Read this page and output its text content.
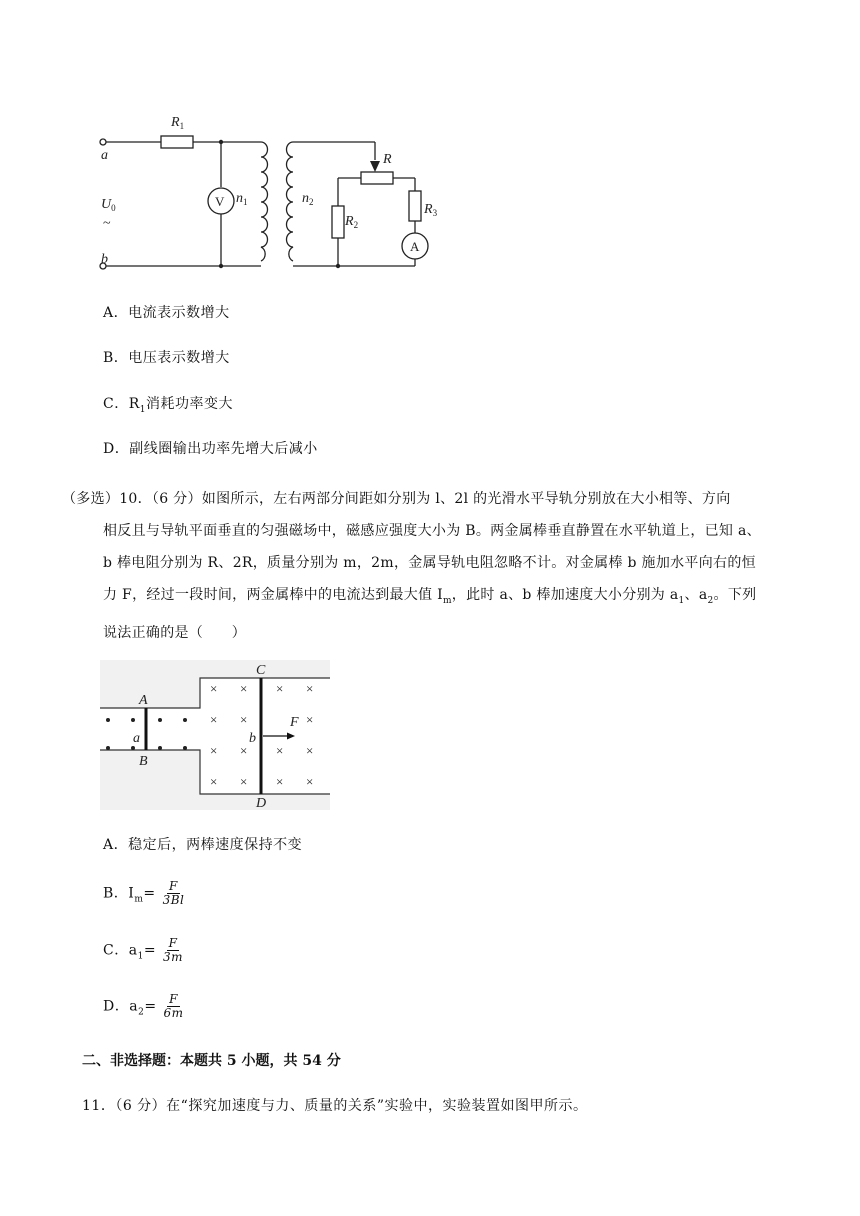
a
b
$R_1$
$U_0$
~
V $n_1$	$n_2$
R
$R_2$
$R_3$
A
A．电流表示数增大
B．电压表示数增大
C．$R_1$消耗功率变大
D．副线圈输出功率先增大后减小
（多选）10．（6 分）如图所示，左右两部分间距如分别为 l、2l 的光滑水平导轨分别放在大小相等、方向
相反且与导轨平面垂直的匀强磁场中，磁感应强度大小为 B。两金属棒垂直静置在水平轨道上，已知 a、
b 棒电阻分别为 R、2R，质量分别为 m，2m，金属导轨电阻忽略不计。对金属棒 b 施加水平向右的恒
力 F，经过一段时间，两金属棒中的电流达到最大值 $I_m$，此时 a、b 棒加速度大小分别为 $a_1$、$a_2$。下列
说法正确的是（　　）
× × × ×
× ×	×
× × × ×
× × × ×
A
B
C
D
a	b
F
A．稳定后，两棒速度保持不变
B．$I_m= \frac{F}{3Bl}$
C．$a_1= \frac{F}{3m}$
D．$a_2= \frac{F}{6m}$
二、非选择题：本题共 5 小题，共 54 分
11．（6 分）在“探究加速度与力、质量的关系”实验中，实验装置如图甲所示。
